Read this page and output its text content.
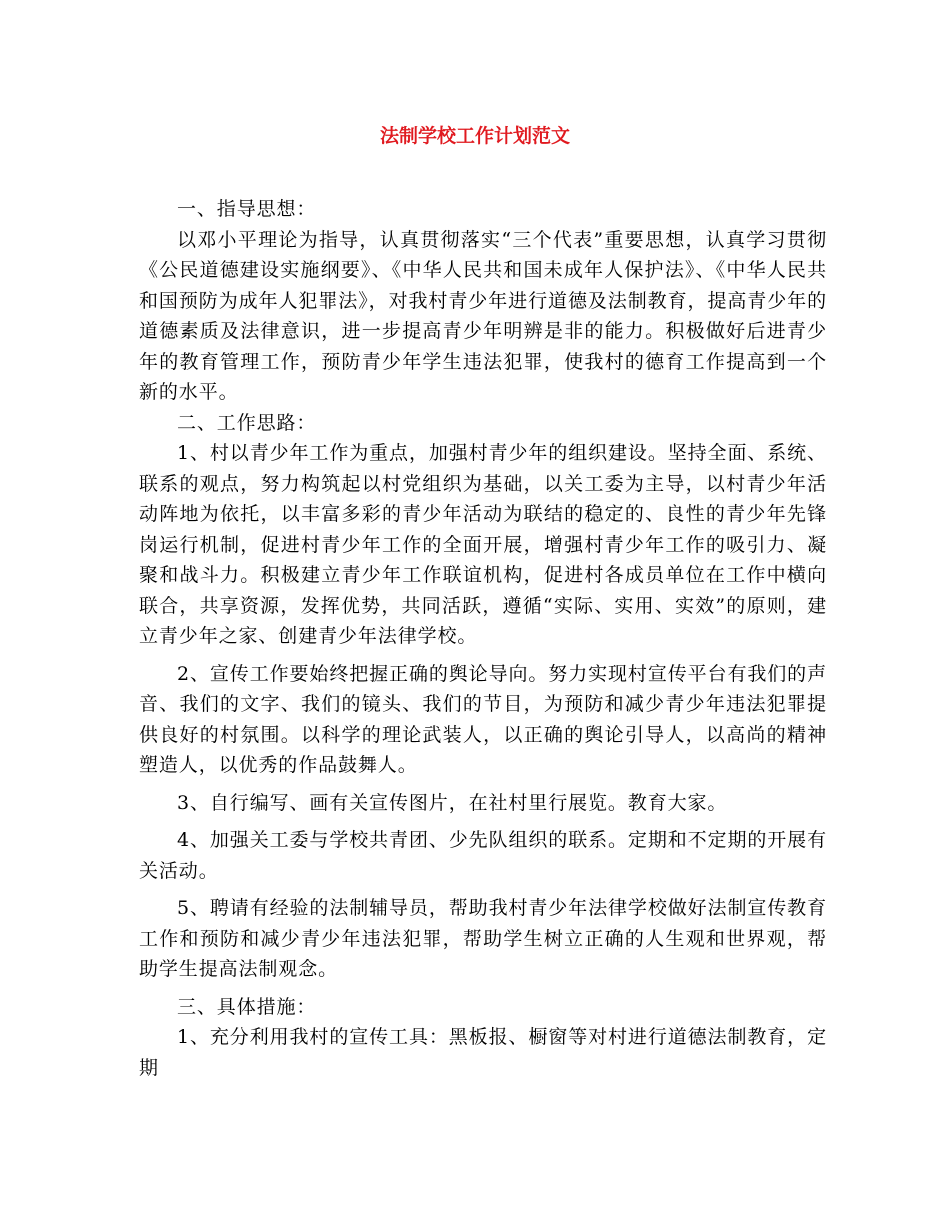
法制学校工作计划范文

一、指导思想：

以邓小平理论为指导，认真贯彻落实“三个代表”重要思想，认真学习贯彻《公民道德建设实施纲要》、《中华人民共和国未成年人保护法》、《中华人民共和国预防为成年人犯罪法》，对我村青少年进行道德及法制教育，提高青少年的道德素质及法律意识，进一步提高青少年明辨是非的能力。积极做好后进青少年的教育管理工作，预防青少年学生违法犯罪，使我村的德育工作提高到一个新的水平。

二、工作思路：

1、村以青少年工作为重点，加强村青少年的组织建设。坚持全面、系统、联系的观点，努力构筑起以村党组织为基础，以关工委为主导，以村青少年活动阵地为依托，以丰富多彩的青少年活动为联结的稳定的、良性的青少年先锋岗运行机制，促进村青少年工作的全面开展，增强村青少年工作的吸引力、凝聚和战斗力。积极建立青少年工作联谊机构，促进村各成员单位在工作中横向联合，共享资源，发挥优势，共同活跃，遵循“实际、实用、实效”的原则，建立青少年之家、创建青少年法律学校。

2、宣传工作要始终把握正确的舆论导向。努力实现村宣传平台有我们的声音、我们的文字、我们的镜头、我们的节目，为预防和减少青少年违法犯罪提供良好的村氛围。以科学的理论武装人，以正确的舆论引导人，以高尚的精神塑造人，以优秀的作品鼓舞人。

3、自行编写、画有关宣传图片，在社村里行展览。教育大家。

4、加强关工委与学校共青团、少先队组织的联系。定期和不定期的开展有关活动。

5、聘请有经验的法制辅导员，帮助我村青少年法律学校做好法制宣传教育工作和预防和减少青少年违法犯罪，帮助学生树立正确的人生观和世界观，帮助学生提高法制观念。

三、具体措施：

1、充分利用我村的宣传工具：黑板报、橱窗等对村进行道德法制教育，定期
